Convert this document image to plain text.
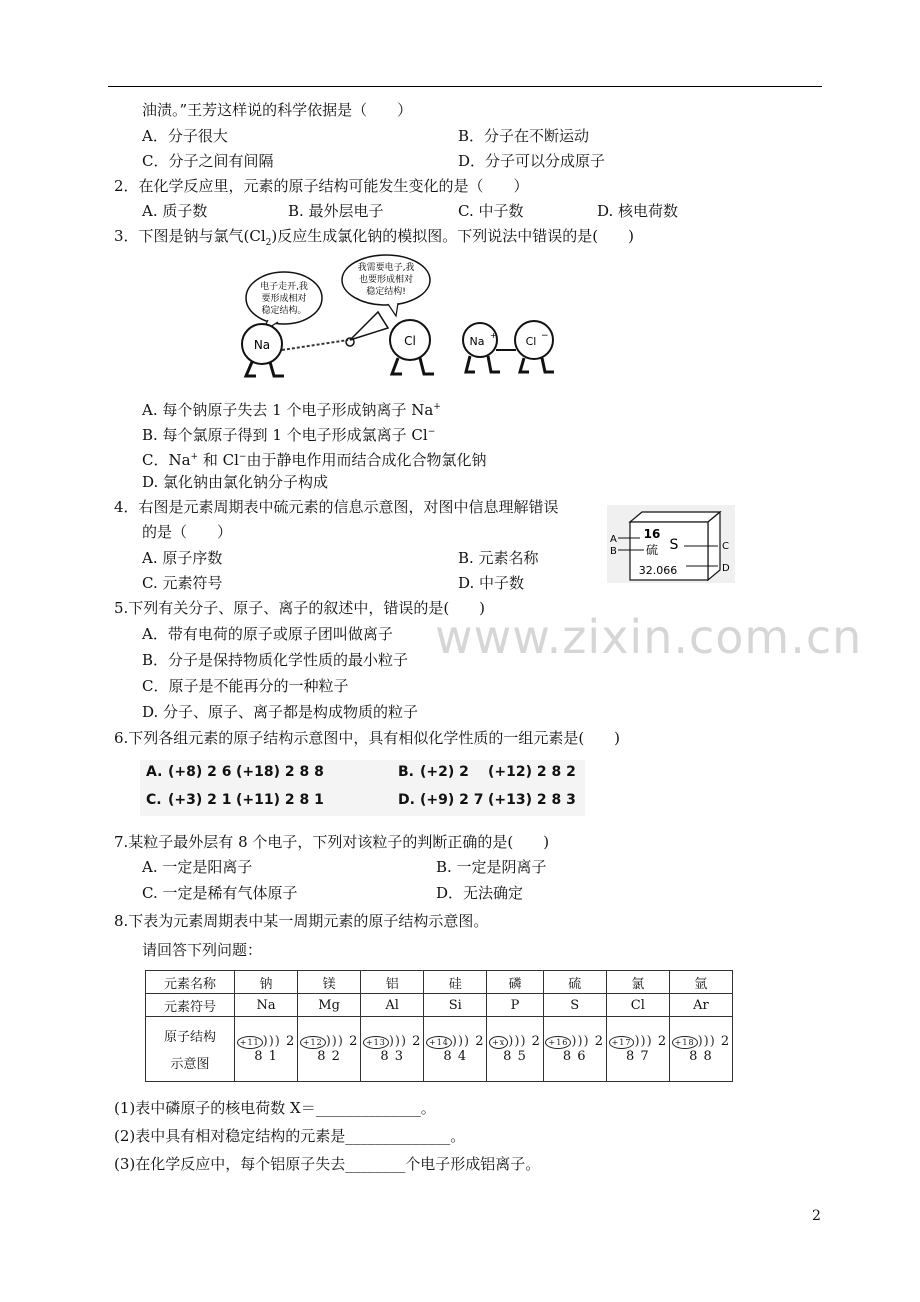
油渍。”王芳这样说的科学依据是（　　）
A．分子很大	B．分子在不断运动
C．分子之间有间隔	D．分子可以分成原子
2．在化学反应里，元素的原子结构可能发生变化的是（　　）
A. 质子数	B. 最外层电子	C. 中子数	D. 核电荷数
3．下图是钠与氯气$(Cl_2)$反应生成氯化钠的模拟图。下列说法中错误的是(　　)
电子走开,我
要形成相对
稳定结构。
我需要电子,我
也要形成相对
稳定结构!
Na	Cl	Na +	Cl −
A. 每个钠原子失去 1 个电子形成钠离子 Na+
B. 每个氯原子得到 1 个电子形成氯离子 Cl−
C．Na+ 和 Cl−由于静电作用而结合成化合物氯化钠
D. 氯化钠由氯化钠分子构成
4．右图是元素周期表中硫元素的信息示意图，对图中信息理解错误
的是（　　）
A. 原子序数	B. 元素名称
C. 元素符号	D. 中子数
16
硫 S
32.066
A
B	C
D
5.下列有关分子、原子、离子的叙述中，错误的是(　　)
A．带有电荷的原子或原子团叫做离子
B．分子是保持物质化学性质的最小粒子
C．原子是不能再分的一种粒子
D. 分子、原子、离子都是构成物质的粒子
www.zixin.com.cn
6.下列各组元素的原子结构示意图中，具有相似化学性质的一组元素是(　　)
A. (+8) 2 6 (+18) 2 8 8	B. (+2) 2 (+12) 2 8 2
C. (+3) 2 1 (+11) 2 8 1	D. (+9) 2 7 (+13) 2 8 3
7.某粒子最外层有 8 个电子，下列对该粒子的判断正确的是(　　)
A. 一定是阳离子	B. 一定是阴离子
C. 一定是稀有气体原子	D．无法确定
8.下表为元素周期表中某一周期元素的原子结构示意图。
请回答下列问题：
元素名称	钠	镁	铝	硅	磷	硫	氯	氩
元素符号	Na	Mg	Al	Si	P	S	Cl	Ar

原子结构
示意图	+11 ))) 2 8 1	+12 ))) 2 8 2	+13 ))) 2 8 3	+14 ))) 2 8 4	+x ))) 2 8 5	+16 ))) 2 8 6	+17 ))) 2 8 7	+18 ))) 2 8 8
(1)表中磷原子的核电荷数 X＝______________。
(2)表中具有相对稳定结构的元素是______________。
(3)在化学反应中，每个铝原子失去________个电子形成铝离子。
2
